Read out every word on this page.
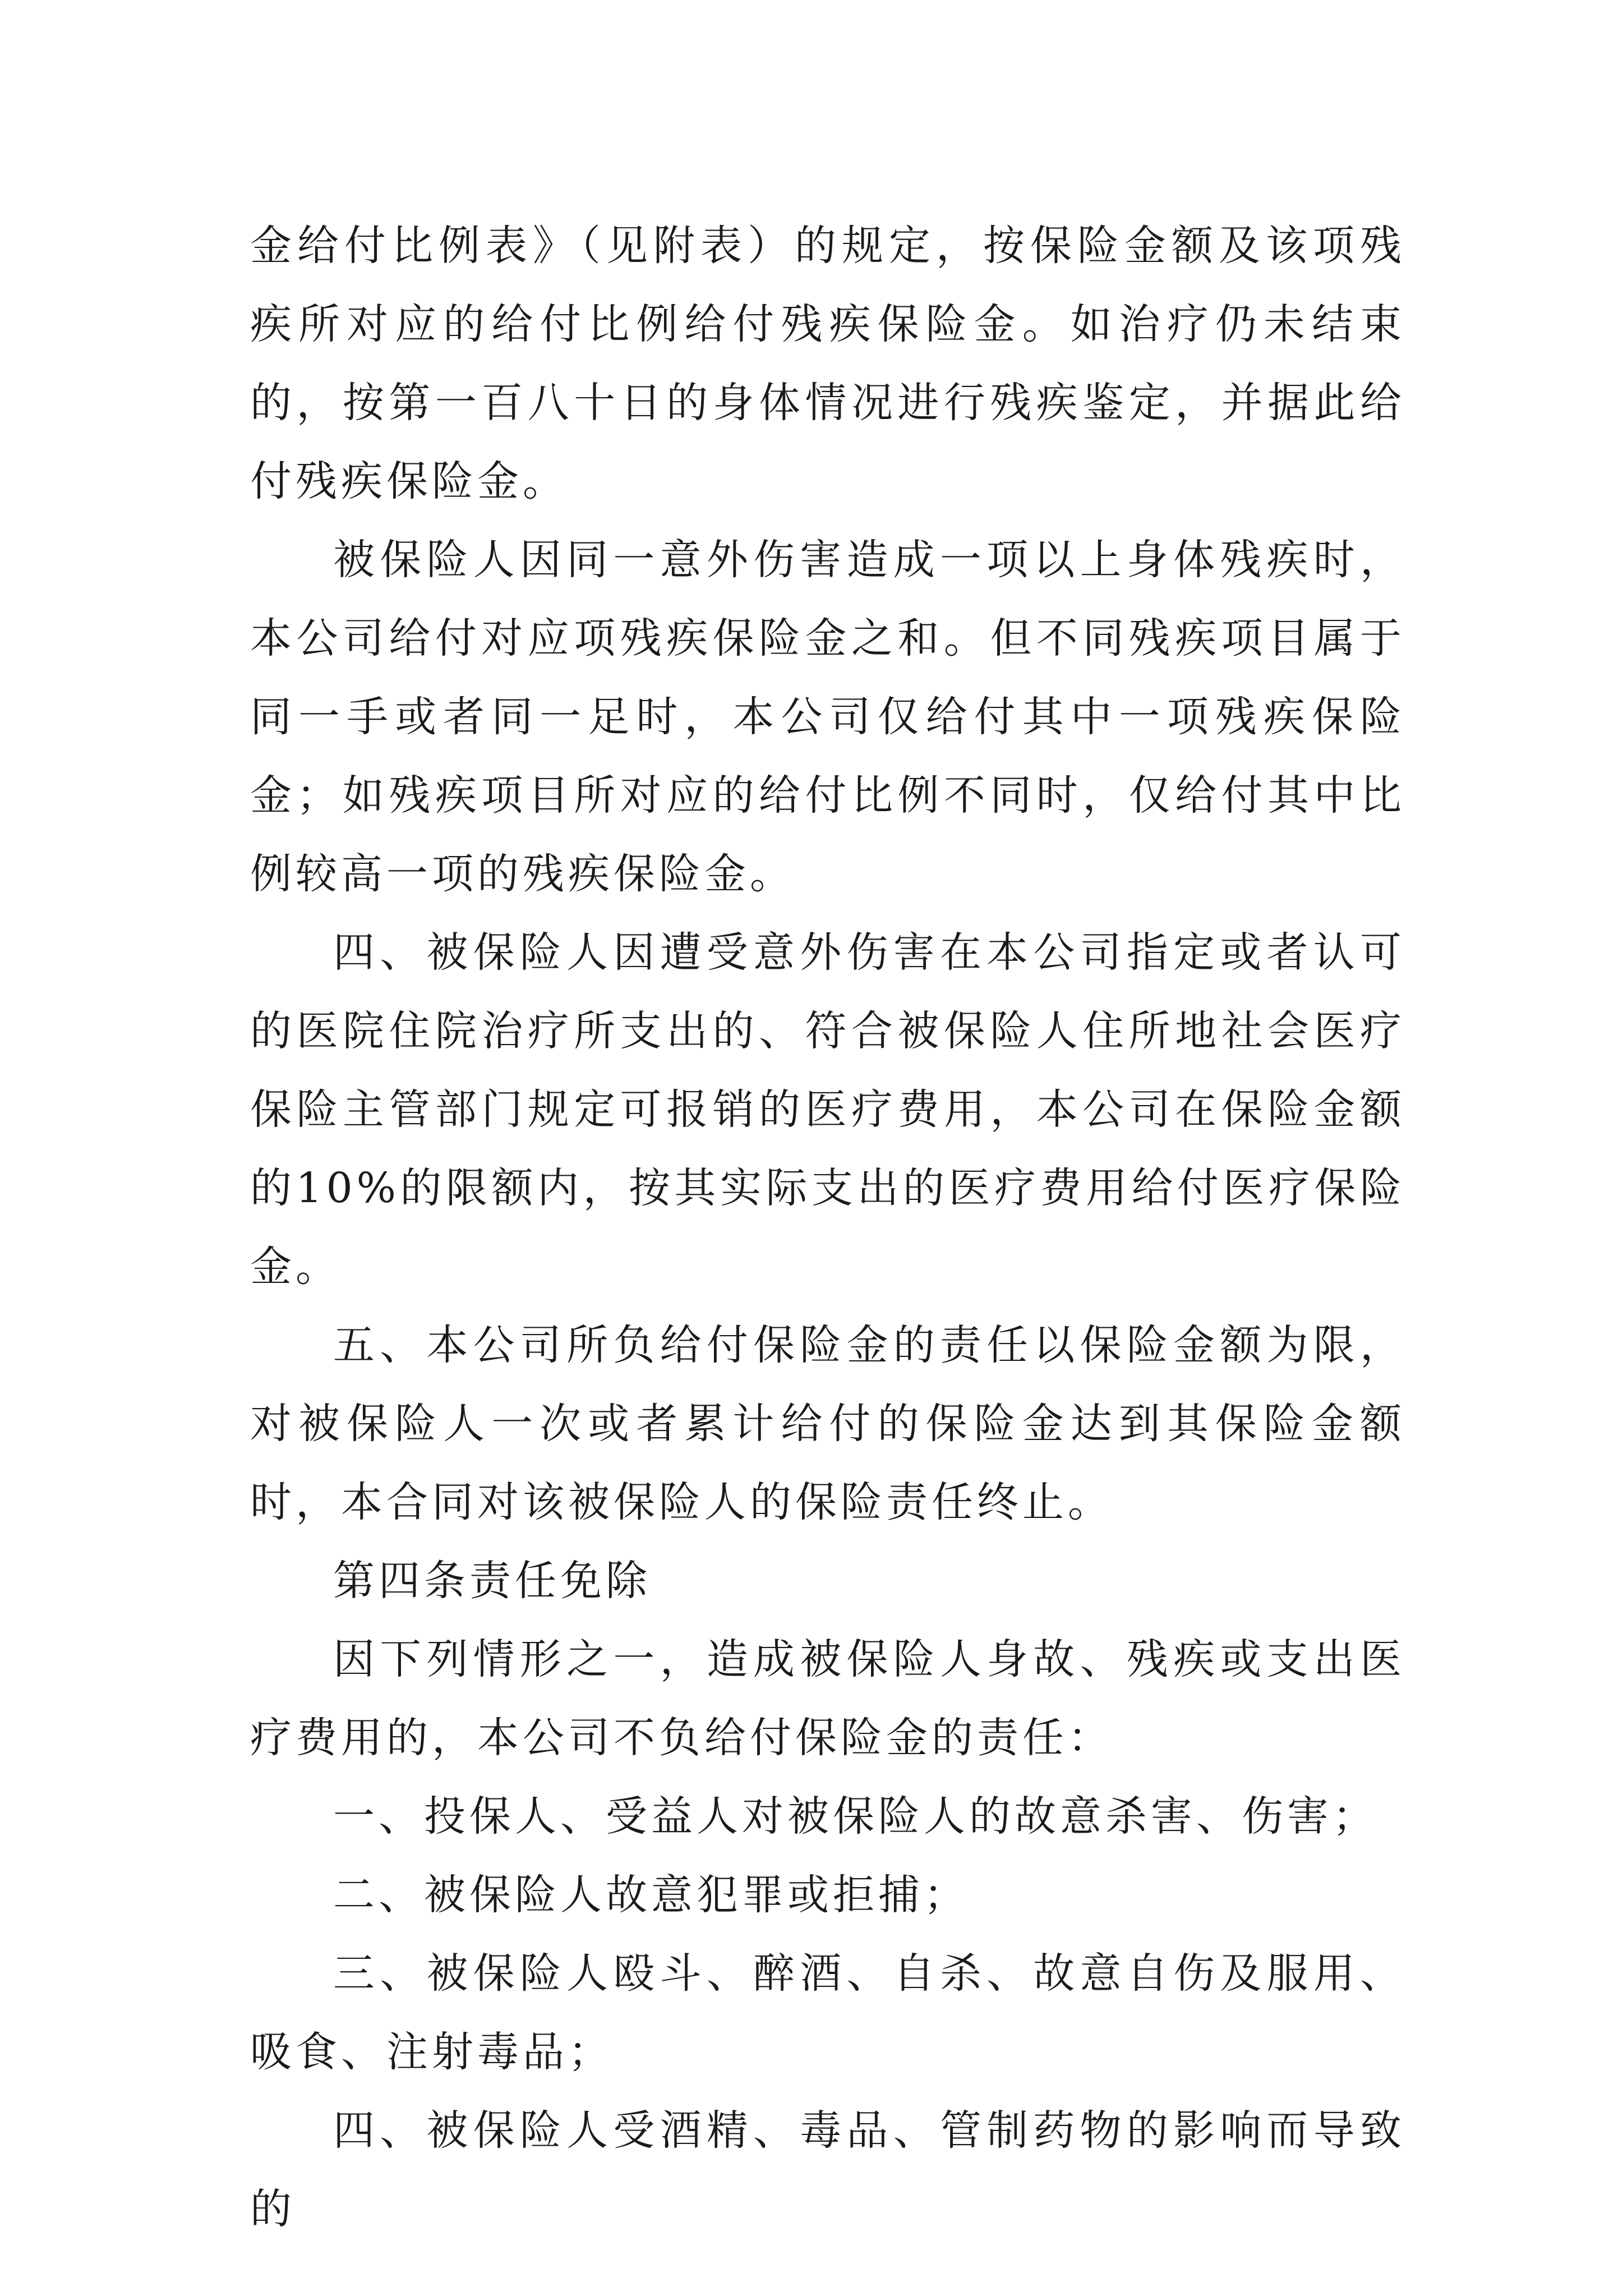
金给付比例表》（见附表）的规定，按保险金额及该项残疾所对应的给付比例给付残疾保险金。如治疗仍未结束的，按第一百八十日的身体情况进行残疾鉴定，并据此给付残疾保险金。

被保险人因同一意外伤害造成一项以上身体残疾时，本公司给付对应项残疾保险金之和。但不同残疾项目属于同一手或者同一足时，本公司仅给付其中一项残疾保险金；如残疾项目所对应的给付比例不同时，仅给付其中比例较高一项的残疾保险金。

四、被保险人因遭受意外伤害在本公司指定或者认可的医院住院治疗所支出的、符合被保险人住所地社会医疗保险主管部门规定可报销的医疗费用，本公司在保险金额的10%的限额内，按其实际支出的医疗费用给付医疗保险金。

五、本公司所负给付保险金的责任以保险金额为限，对被保险人一次或者累计给付的保险金达到其保险金额时，本合同对该被保险人的保险责任终止。

第四条责任免除

因下列情形之一，造成被保险人身故、残疾或支出医疗费用的，本公司不负给付保险金的责任：

一、投保人、受益人对被保险人的故意杀害、伤害；

二、被保险人故意犯罪或拒捕；

三、被保险人殴斗、醉酒、自杀、故意自伤及服用、吸食、注射毒品；

四、被保险人受酒精、毒品、管制药物的影响而导致的
